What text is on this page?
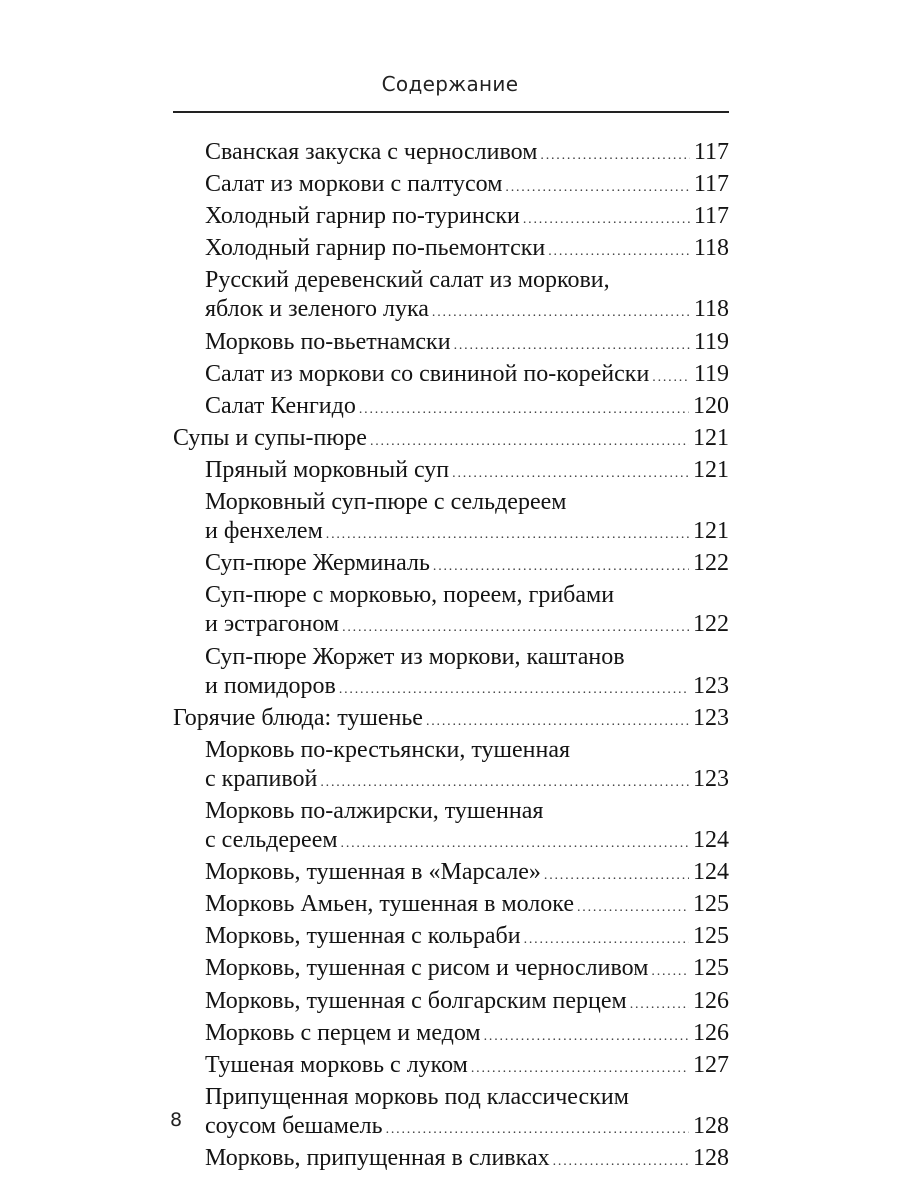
Содержание
Сванская закуска с черносливом .....	117
Салат из моркови с палтусом .....	117
Холодный гарнир по-турински .....	117
Холодный гарнир по-пьемонтски .....	118
Русский деревенский салат из моркови,
яблок и зеленого лука .....	118
Морковь по-вьетнамски .....	119
Салат из моркови со свининой по-корейски ..... 119
Салат Кенгидо .....	120
Супы и супы-пюре .....	121
Пряный морковный суп .....	121
Морковный суп-пюре с сельдереем
и фенхелем .....	121
Суп-пюре Жерминаль .....	122
Суп-пюре с морковью, пореем, грибами
и эстрагоном .....	122
Суп-пюре Жоржет из моркови, каштанов
и помидоров .....	123
Горячие блюда: тушенье .....	123
Морковь по-крестьянски, тушенная
с крапивой .....	123
Морковь по-алжирски, тушенная
с сельдереем .....	124
Морковь, тушенная в «Марсале» .....	124
Морковь Амьен, тушенная в молоке .....	125
Морковь, тушенная с кольраби .....	125
Морковь, тушенная с рисом и черносливом ..... 125
Морковь, тушенная с болгарским перцем .....	126
Морковь с перцем и медом .....	126
Тушеная морковь с луком .....	127
Припущенная морковь под классическим
соусом бешамель .....	128
Морковь, припущенная в сливках .....	128
8
